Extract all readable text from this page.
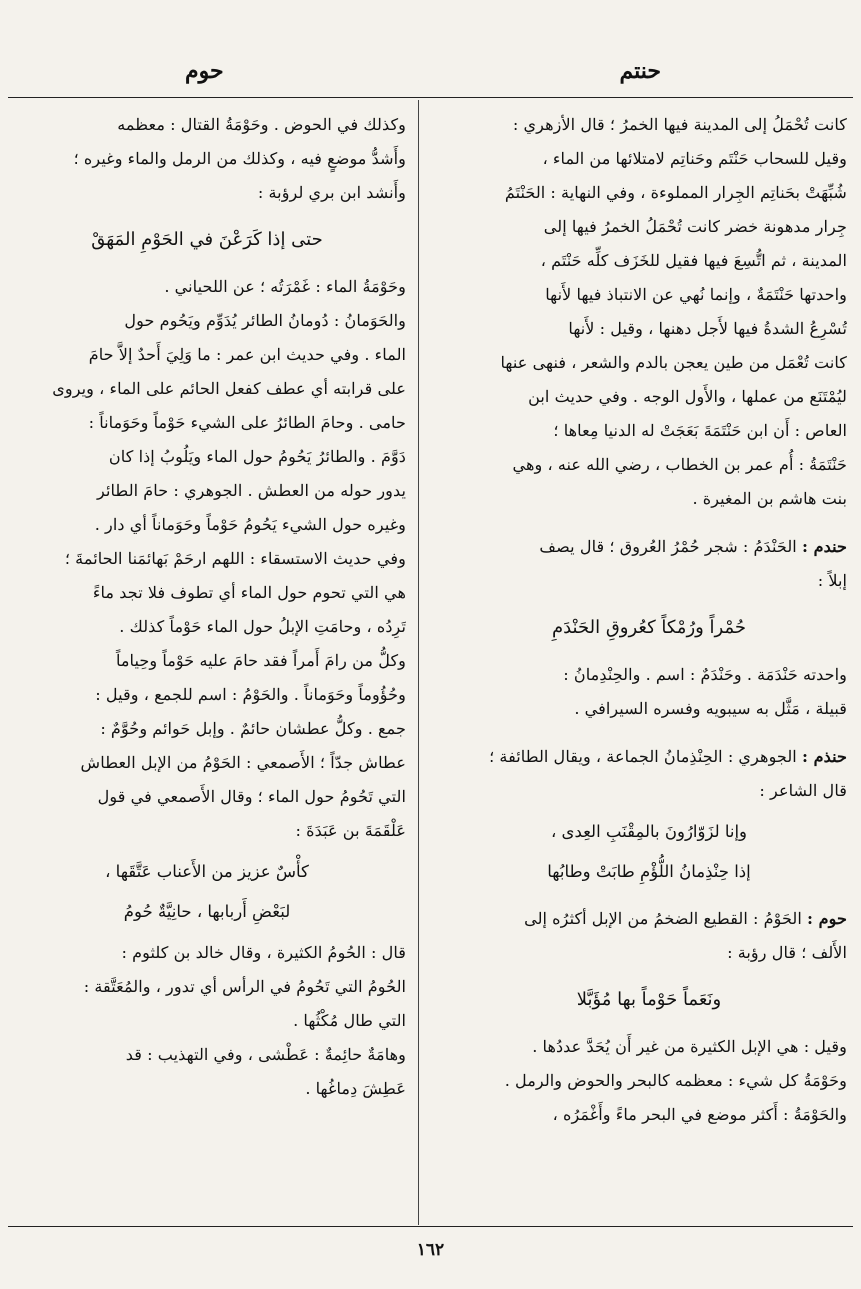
حنتم
حوم

كانت تُحْمَلُ إلى المدينة فيها الخمرُ ؛ قال الأزهري :

وقيل للسحاب حَنْتَم وحَناتِم لامتلائها من الماء ،

شُبِّهَتْ بحَناتِم الجِرار المملوءة ، وفي النهاية : الحَنْتَمُ

جِرار مدهونة خضر كانت تُحْمَلُ الخمرُ فيها إلى

المدينة ، ثم اتُّسِعَ فيها فقيل للخَزَف كلِّه حَنْتَم ،

واحدتها حَنْتَمَةٌ ، وإنما نُهي عن الانتباذ فيها لأَنها

تُسْرِعُ الشدةُ فيها لأَجل دهنها ، وقيل : لأَنها

كانت تُعْمَل من طين يعجن بالدم والشعر ، فنهى عنها

ليُمْتَنَع من عملها ، والأَول الوجه . وفي حديث ابن

العاص : أَن ابن حَنْتَمَةَ بَعَجَتْ له الدنيا مِعاها ؛

حَنْتَمَةُ : أُم عمر بن الخطاب ، رضي الله عنه ، وهي

بنت هاشم بن المغيرة .

حندم : الحَنْدَمُ : شجر حُمْرُ العُروق ؛ قال يصف

إبلاً :

حُمْراً ورُمْكاً كعُروقِ الحَنْدَمِ

واحدته حَنْدَمَة . وحَنْدَمٌ : اسم . والحِنْدِمانُ :

قبيلة ، مَثَّل به سيبويه وفسره السيرافي .

حنذم : الجوهري : الحِنْذِمانُ الجماعة ، ويقال الطائفة ؛

قال الشاعر :

وإنا لزَوّارُونَ بالمِقْنَبِ العِدى ،
إذا حِنْذِمانُ اللُّؤْمِ طابَتْ وطابُها

حوم : الحَوْمُ : القطيع الضخمُ من الإبل أكثرُه إلى

الأَلف ؛ قال رؤبة :

ونَعَماً حَوْماً بها مُؤَبَّلا

وقيل : هي الإبل الكثيرة من غير أَن يُحَدَّ عددُها .

وحَوْمَةُ كل شيء : معظمه كالبحر والحوض والرمل .

والحَوْمَةُ : أَكثر موضع في البحر ماءً وأَغْمَرُه ،

وكذلك في الحوض . وحَوْمَةُ القتال : معظمه

وأَشدُّ موضعٍ فيه ، وكذلك من الرمل والماء وغيره ؛

وأَنشد ابن بري لرؤبة :

حتى إذا كَرَعْنَ في الحَوْمِ المَهَقْ

وحَوْمَةُ الماء : غَمْرَتُه ؛ عن اللحياني .

والحَوَمانُ : دُومانُ الطائر يُدَوِّم ويَحُوم حول

الماء . وفي حديث ابن عمر : ما وَلِيَ أَحدٌ إلاَّ حامَ

على قرابته أي عطف كفعل الحائم على الماء ، ويروى

حامى . وحامَ الطائرُ على الشيء حَوْماً وحَوَماناً :

دَوَّمَ . والطائرُ يَحُومُ حول الماء ويَلُوبُ إذا كان

يدور حوله من العطش . الجوهري : حامَ الطائر

وغيره حول الشيء يَحُومُ حَوْماً وحَوَماناً أي دار .

وفي حديث الاستسقاء : اللهم ارحَمْ بَهائمَنا الحائمةَ ؛

هي التي تحوم حول الماء أي تطوف فلا تجد ماءً

تَرِدُه ، وحامَتِ الإبلُ حول الماء حَوْماً كذلك .

وكلُّ من رامَ أَمراً فقد حامَ عليه حَوْماً وحِياماً

وحُؤُوماً وحَوَماناً . والحَوْمُ : اسم للجمع ، وقيل :

جمع . وكلُّ عطشان حائمٌ . وإبل حَوائم وحُوَّمٌ :

عطاش جدّاً ؛ الأَصمعي : الحَوْمُ من الإبل العطاش

التي تَحُومُ حول الماء ؛ وقال الأَصمعي في قول

عَلْقَمَةَ بن عَبَدَةَ :

كأْسٌ عزيز من الأَعناب عَتَّقَها ،
لبَعْضِ أَربابها ، حانِيَّةٌ حُومُ

قال : الحُومُ الكثيرة ، وقال خالد بن كلثوم :

الحُومُ التي تَحُومُ في الرأس أي تدور ، والمُعَتَّقة :

التي طال مُكْثُها .

وهامَةٌ حائِمةٌ : عَطْشى ، وفي التهذيب : قد

عَطِشَ دِماغُها .

١٦٢
